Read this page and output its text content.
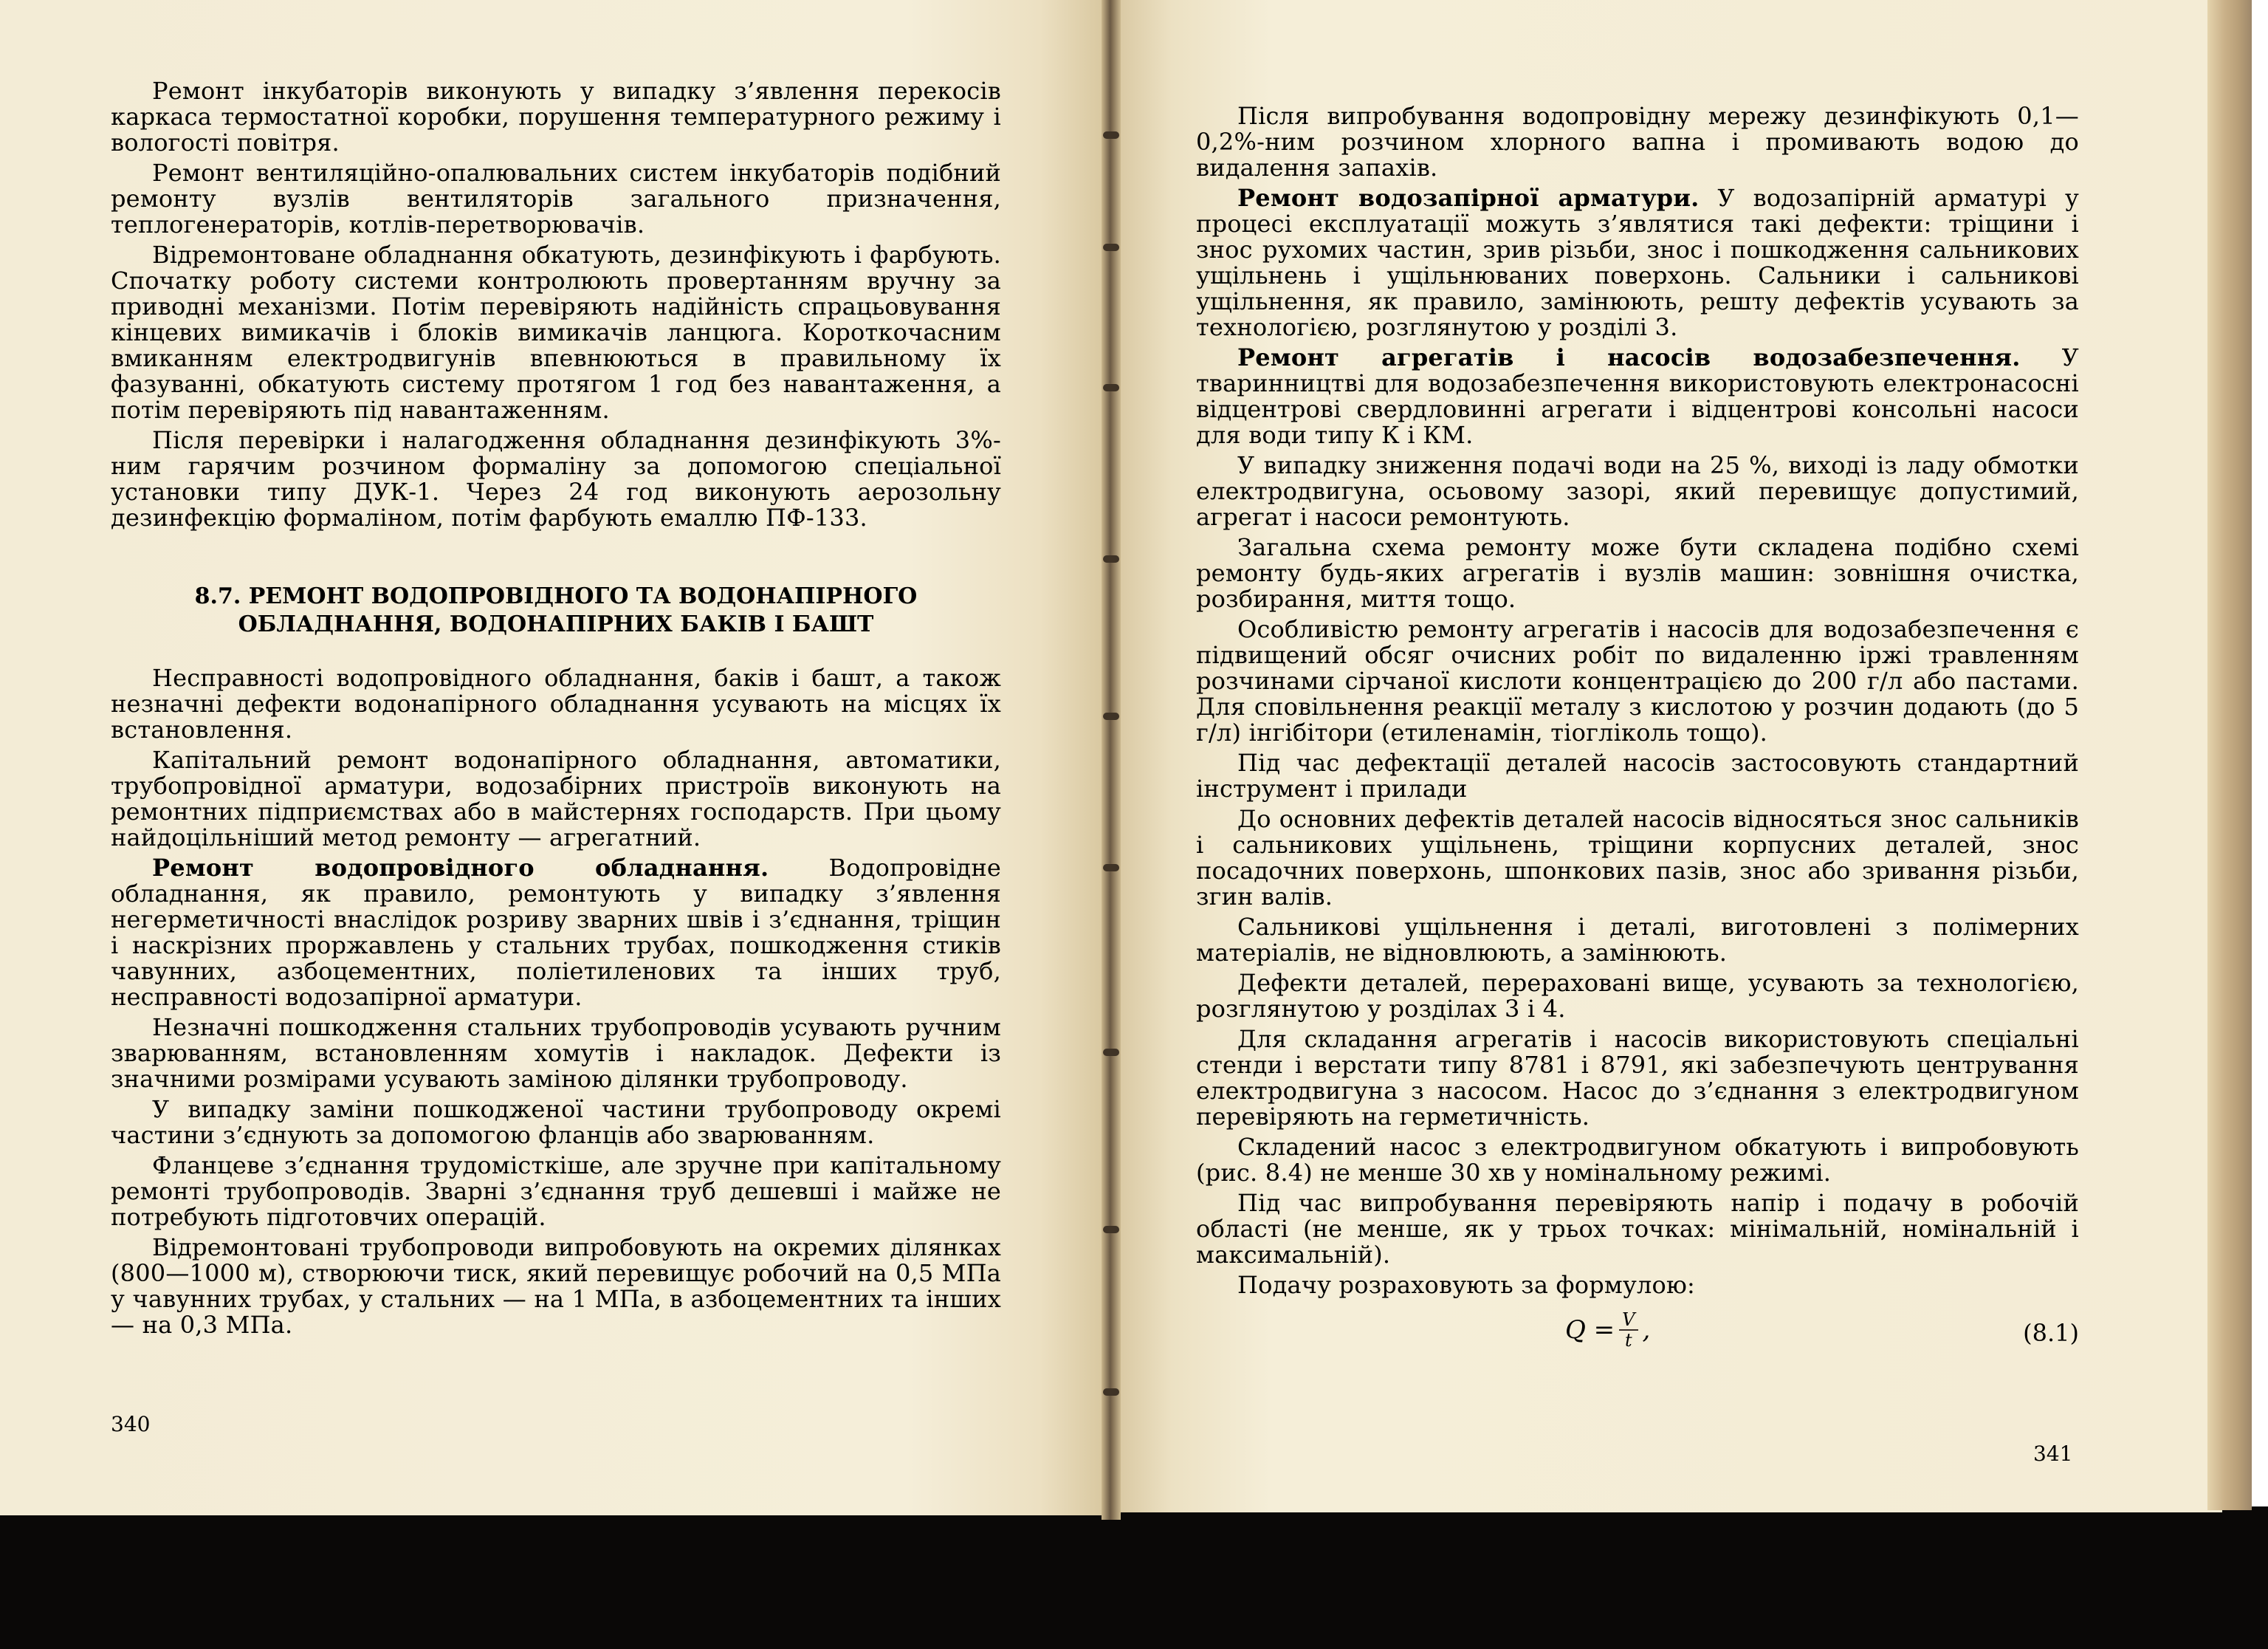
Ремонт інкубаторів виконують у випадку з’явлення перекосів каркаса термостатної коробки, порушення температурного режиму і вологості повітря.

Ремонт вентиляційно-опалювальних систем інкубаторів подібний ремонту вузлів вентиляторів загального призначення, теплогенераторів, котлів-перетворювачів.

Відремонтоване обладнання обкатують, дезинфікують і фарбують. Спочатку роботу системи контролюють провертанням вручну за приводні механізми. Потім перевіряють надійність спрацьовування кінцевих вимикачів і блоків вимикачів ланцюга. Короткочасним вмиканням електродвигунів впевнюються в правильному їх фазуванні, обкатують систему протягом 1 год без навантаження, а потім перевіряють під навантаженням.

Після перевірки і налагодження обладнання дезинфікують 3%-ним гарячим розчином формаліну за допомогою спеціальної установки типу ДУК-1. Через 24 год виконують аерозольну дезинфекцію формаліном, потім фарбують емаллю ПФ-133.

8.7. РЕМОНТ ВОДОПРОВІДНОГО ТА ВОДОНАПІРНОГО
ОБЛАДНАННЯ, ВОДОНАПІРНИХ БАКІВ І БАШТ

Несправності водопровідного обладнання, баків і башт, а також незначні дефекти водонапірного обладнання усувають на місцях їх встановлення.

Капітальний ремонт водонапірного обладнання, автоматики, трубопровідної арматури, водозабірних пристроїв виконують на ремонтних підприємствах або в майстернях господарств. При цьому найдоцільніший метод ремонту — агрегатний.

Ремонт водопровідного обладнання. Водопровідне обладнання, як правило, ремонтують у випадку з’явлення негерметичності внаслідок розриву зварних швів і з’єднання, тріщин і наскрізних проржавлень у стальних трубах, пошкодження стиків чавунних, азбоцементних, поліетиленових та інших труб, несправності водозапірної арматури.

Незначні пошкодження стальних трубопроводів усувають ручним зварюванням, встановленням хомутів і накладок. Дефекти із значними розмірами усувають заміною ділянки трубопроводу.

У випадку заміни пошкодженої частини трубопроводу окремі частини з’єднують за допомогою фланців або зварюванням.

Фланцеве з’єднання трудомісткіше, але зручне при капітальному ремонті трубопроводів. Зварні з’єднання труб дешевші і майже не потребують підготовчих операцій.

Відремонтовані трубопроводи випробовують на окремих ділянках (800—1000 м), створюючи тиск, який перевищує робочий на 0,5 МПа у чавунних трубах, у стальних — на 1 МПа, в азбоцементних та інших — на 0,3 МПа.

340

Після випробування водопровідну мережу дезинфікують 0,1—0,2%-ним розчином хлорного вапна і промивають водою до видалення запахів.

Ремонт водозапірної арматури. У водозапірній арматурі у процесі експлуатації можуть з’являтися такі дефекти: тріщини і знос рухомих частин, зрив різьби, знос і пошкодження сальникових ущільнень і ущільнюваних поверхонь. Сальники і сальникові ущільнення, як правило, замінюють, решту дефектів усувають за технологією, розглянутою у розділі 3.

Ремонт агрегатів і насосів водозабезпечення. У тваринництві для водозабезпечення використовують електронасосні відцентрові свердловинні агрегати і відцентрові консольні насоси для води типу К і КМ.

У випадку зниження подачі води на 25 %, виході із ладу обмотки електродвигуна, осьовому зазорі, який перевищує допустимий, агрегат і насоси ремонтують.

Загальна схема ремонту може бути складена подібно схемі ремонту будь-яких агрегатів і вузлів машин: зовнішня очистка, розбирання, миття тощо.

Особливістю ремонту агрегатів і насосів для водозабезпечення є підвищений обсяг очисних робіт по видаленню іржі травленням розчинами сірчаної кислоти концентрацією до 200 г/л або пастами. Для сповільнення реакції металу з кислотою у розчин додають (до 5 г/л) інгібітори (етиленамін, тіогліколь тощо).

Під час дефектації деталей насосів застосовують стандартний інструмент і прилади

До основних дефектів деталей насосів відносяться знос сальників і сальникових ущільнень, тріщини корпусних деталей, знос посадочних поверхонь, шпонкових пазів, знос або зривання різьби, згин валів.

Сальникові ущільнення і деталі, виготовлені з полімерних матеріалів, не відновлюють, а замінюють.

Дефекти деталей, перераховані вище, усувають за технологією, розглянутою у розділах 3 і 4.

Для складання агрегатів і насосів використовують спеціальні стенди і верстати типу 8781 і 8791, які забезпечують центрування електродвигуна з насосом. Насос до з’єднання з електродвигуном перевіряють на герметичність.

Складений насос з електродвигуном обкатують і випробовують (рис. 8.4) не менше 30 хв у номінальному режимі.

Під час випробування перевіряють напір і подачу в робочій області (не менше, як у трьох точках: мінімальній, номінальній і максимальній).

Подачу розраховують за формулою:

$Q = \frac{V}{t}$ ,	(8.1)
341
